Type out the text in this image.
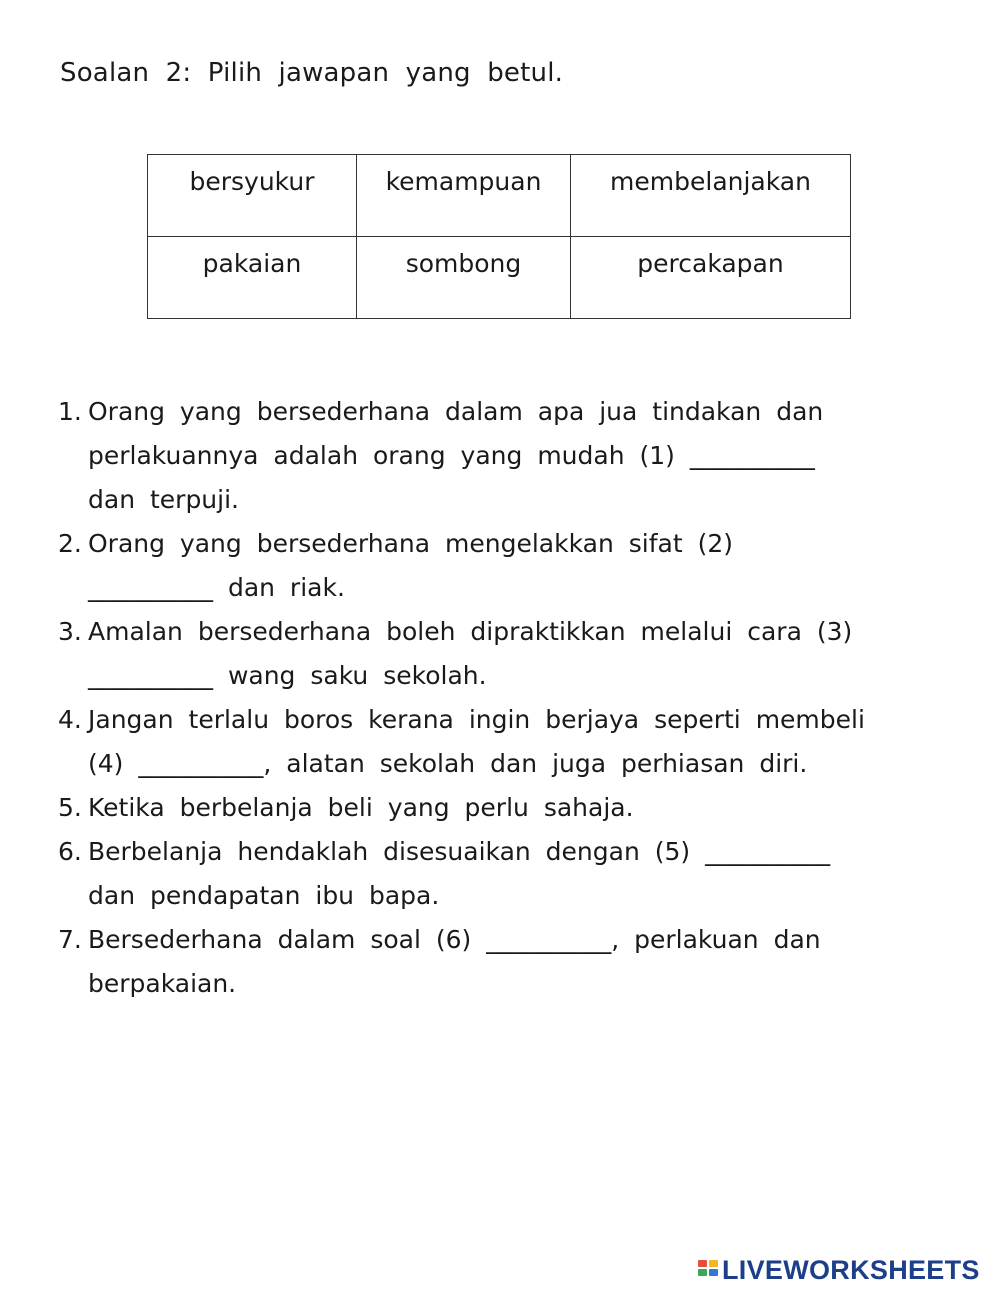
Soalan 2: Pilih jawapan yang betul.
bersyukur	kemampuan	membelanjakan
pakaian	sombong	percakapan
1. Orang yang bersederhana dalam apa jua tindakan dan
perlakuannya adalah orang yang mudah (1) __________
dan terpuji.
2. Orang yang bersederhana mengelakkan sifat (2)
__________ dan riak.
3. Amalan bersederhana boleh dipraktikkan melalui cara (3)
__________ wang saku sekolah.
4. Jangan terlalu boros kerana ingin berjaya seperti membeli
(4) __________, alatan sekolah dan juga perhiasan diri.
5. Ketika berbelanja beli yang perlu sahaja.
6. Berbelanja hendaklah disesuaikan dengan (5) __________
dan pendapatan ibu bapa.
7. Bersederhana dalam soal (6) __________, perlakuan dan
berpakaian.
LIVEWORKSHEETS
